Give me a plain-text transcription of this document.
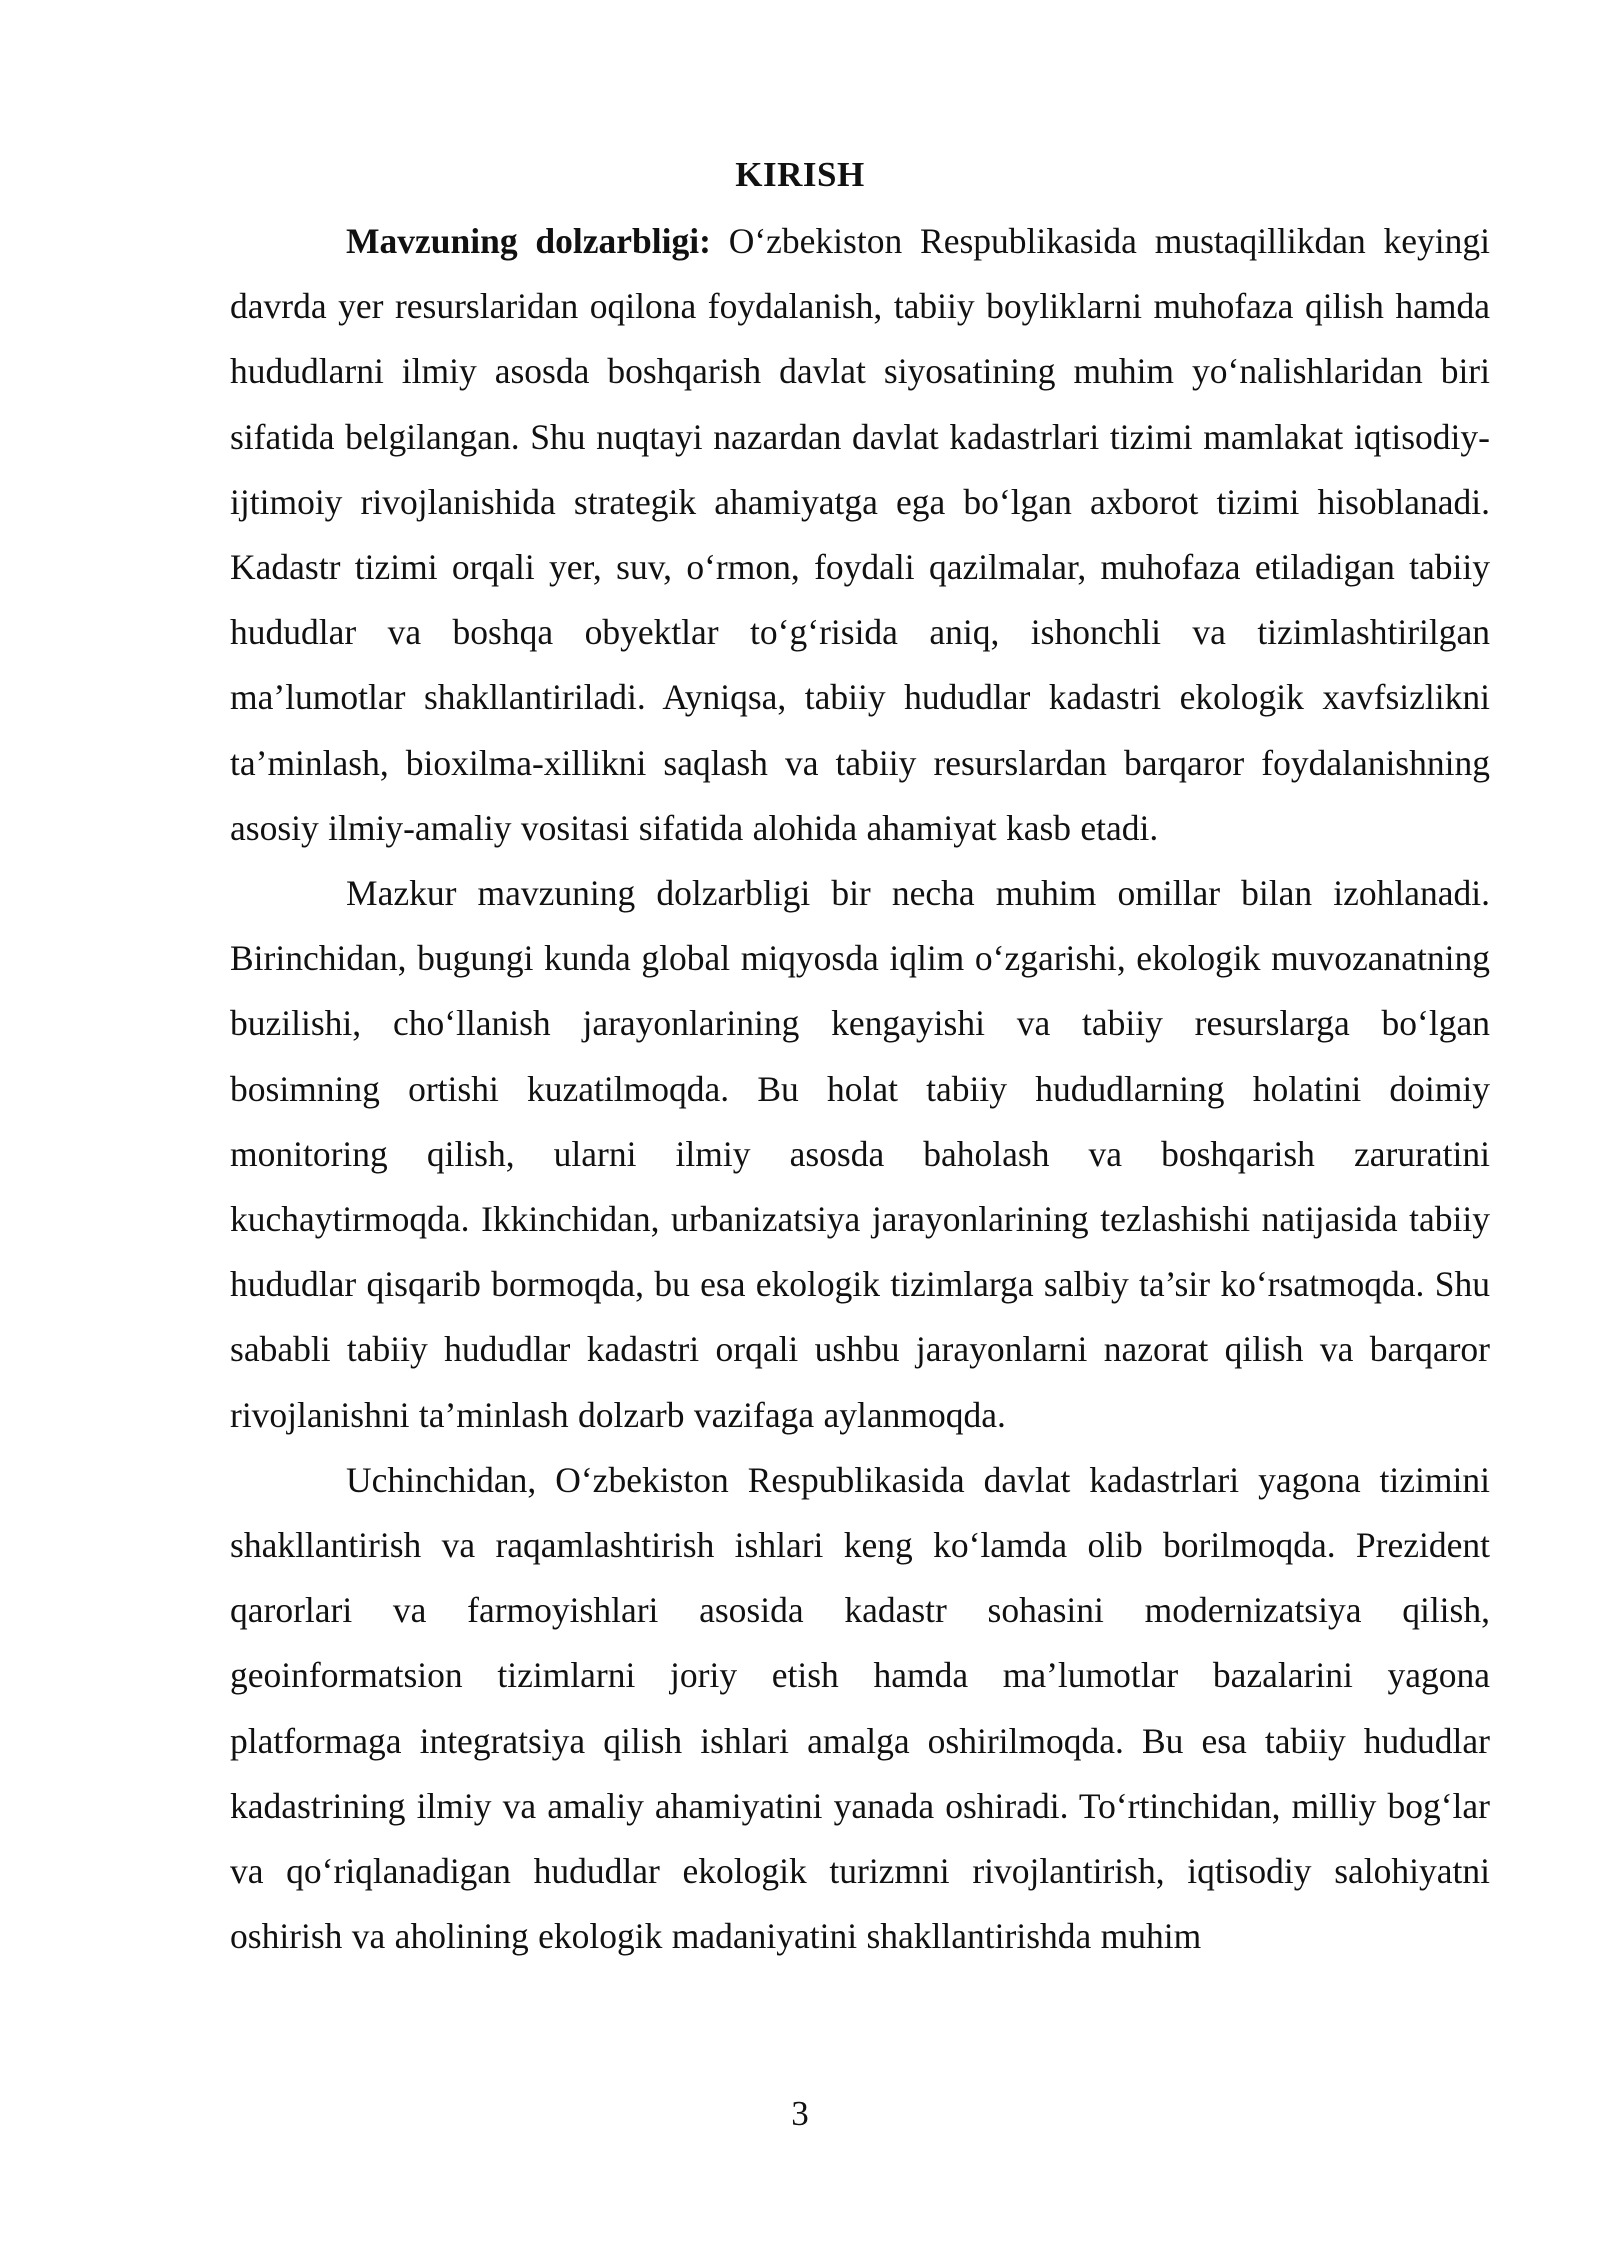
KIRISH

Mavzuning dolzarbligi: O‘zbekiston Respublikasida mustaqillikdan keyingi davrda yer resurslaridan oqilona foydalanish, tabiiy boyliklarni muhofaza qilish hamda hududlarni ilmiy asosda boshqarish davlat siyosatining muhim yo‘nalishlaridan biri sifatida belgilangan. Shu nuqtayi nazardan davlat kadastrlari tizimi mamlakat iqtisodiy-ijtimoiy rivojlanishida strategik ahamiyatga ega bo‘lgan axborot tizimi hisoblanadi. Kadastr tizimi orqali yer, suv, o‘rmon, foydali qazilmalar, muhofaza etiladigan tabiiy hududlar va boshqa obyektlar to‘g‘risida aniq, ishonchli va tizimlashtirilgan ma’lumotlar shakllantiriladi. Ayniqsa, tabiiy hududlar kadastri ekologik xavfsizlikni ta’minlash, bioxilma-xillikni saqlash va tabiiy resurslardan barqaror foydalanishning asosiy ilmiy-amaliy vositasi sifatida alohida ahamiyat kasb etadi.

Mazkur mavzuning dolzarbligi bir necha muhim omillar bilan izohlanadi. Birinchidan, bugungi kunda global miqyosda iqlim o‘zgarishi, ekologik muvozanatning buzilishi, cho‘llanish jarayonlarining kengayishi va tabiiy resurslarga bo‘lgan bosimning ortishi kuzatilmoqda. Bu holat tabiiy hududlarning holatini doimiy monitoring qilish, ularni ilmiy asosda baholash va boshqarish zaruratini kuchaytirmoqda. Ikkinchidan, urbanizatsiya jarayonlarining tezlashishi natijasida tabiiy hududlar qisqarib bormoqda, bu esa ekologik tizimlarga salbiy ta’sir ko‘rsatmoqda. Shu sababli tabiiy hududlar kadastri orqali ushbu jarayonlarni nazorat qilish va barqaror rivojlanishni ta’minlash dolzarb vazifaga aylanmoqda.

Uchinchidan, O‘zbekiston Respublikasida davlat kadastrlari yagona tizimini shakllantirish va raqamlashtirish ishlari keng ko‘lamda olib borilmoqda. Prezident qarorlari va farmoyishlari asosida kadastr sohasini modernizatsiya qilish, geoinformatsion tizimlarni joriy etish hamda ma’lumotlar bazalarini yagona platformaga integratsiya qilish ishlari amalga oshirilmoqda. Bu esa tabiiy hududlar kadastrining ilmiy va amaliy ahamiyatini yanada oshiradi. To‘rtinchidan, milliy bog‘lar va qo‘riqlanadigan hududlar ekologik turizmni rivojlantirish, iqtisodiy salohiyatni oshirish va aholining ekologik madaniyatini shakllantirishda muhim

3
